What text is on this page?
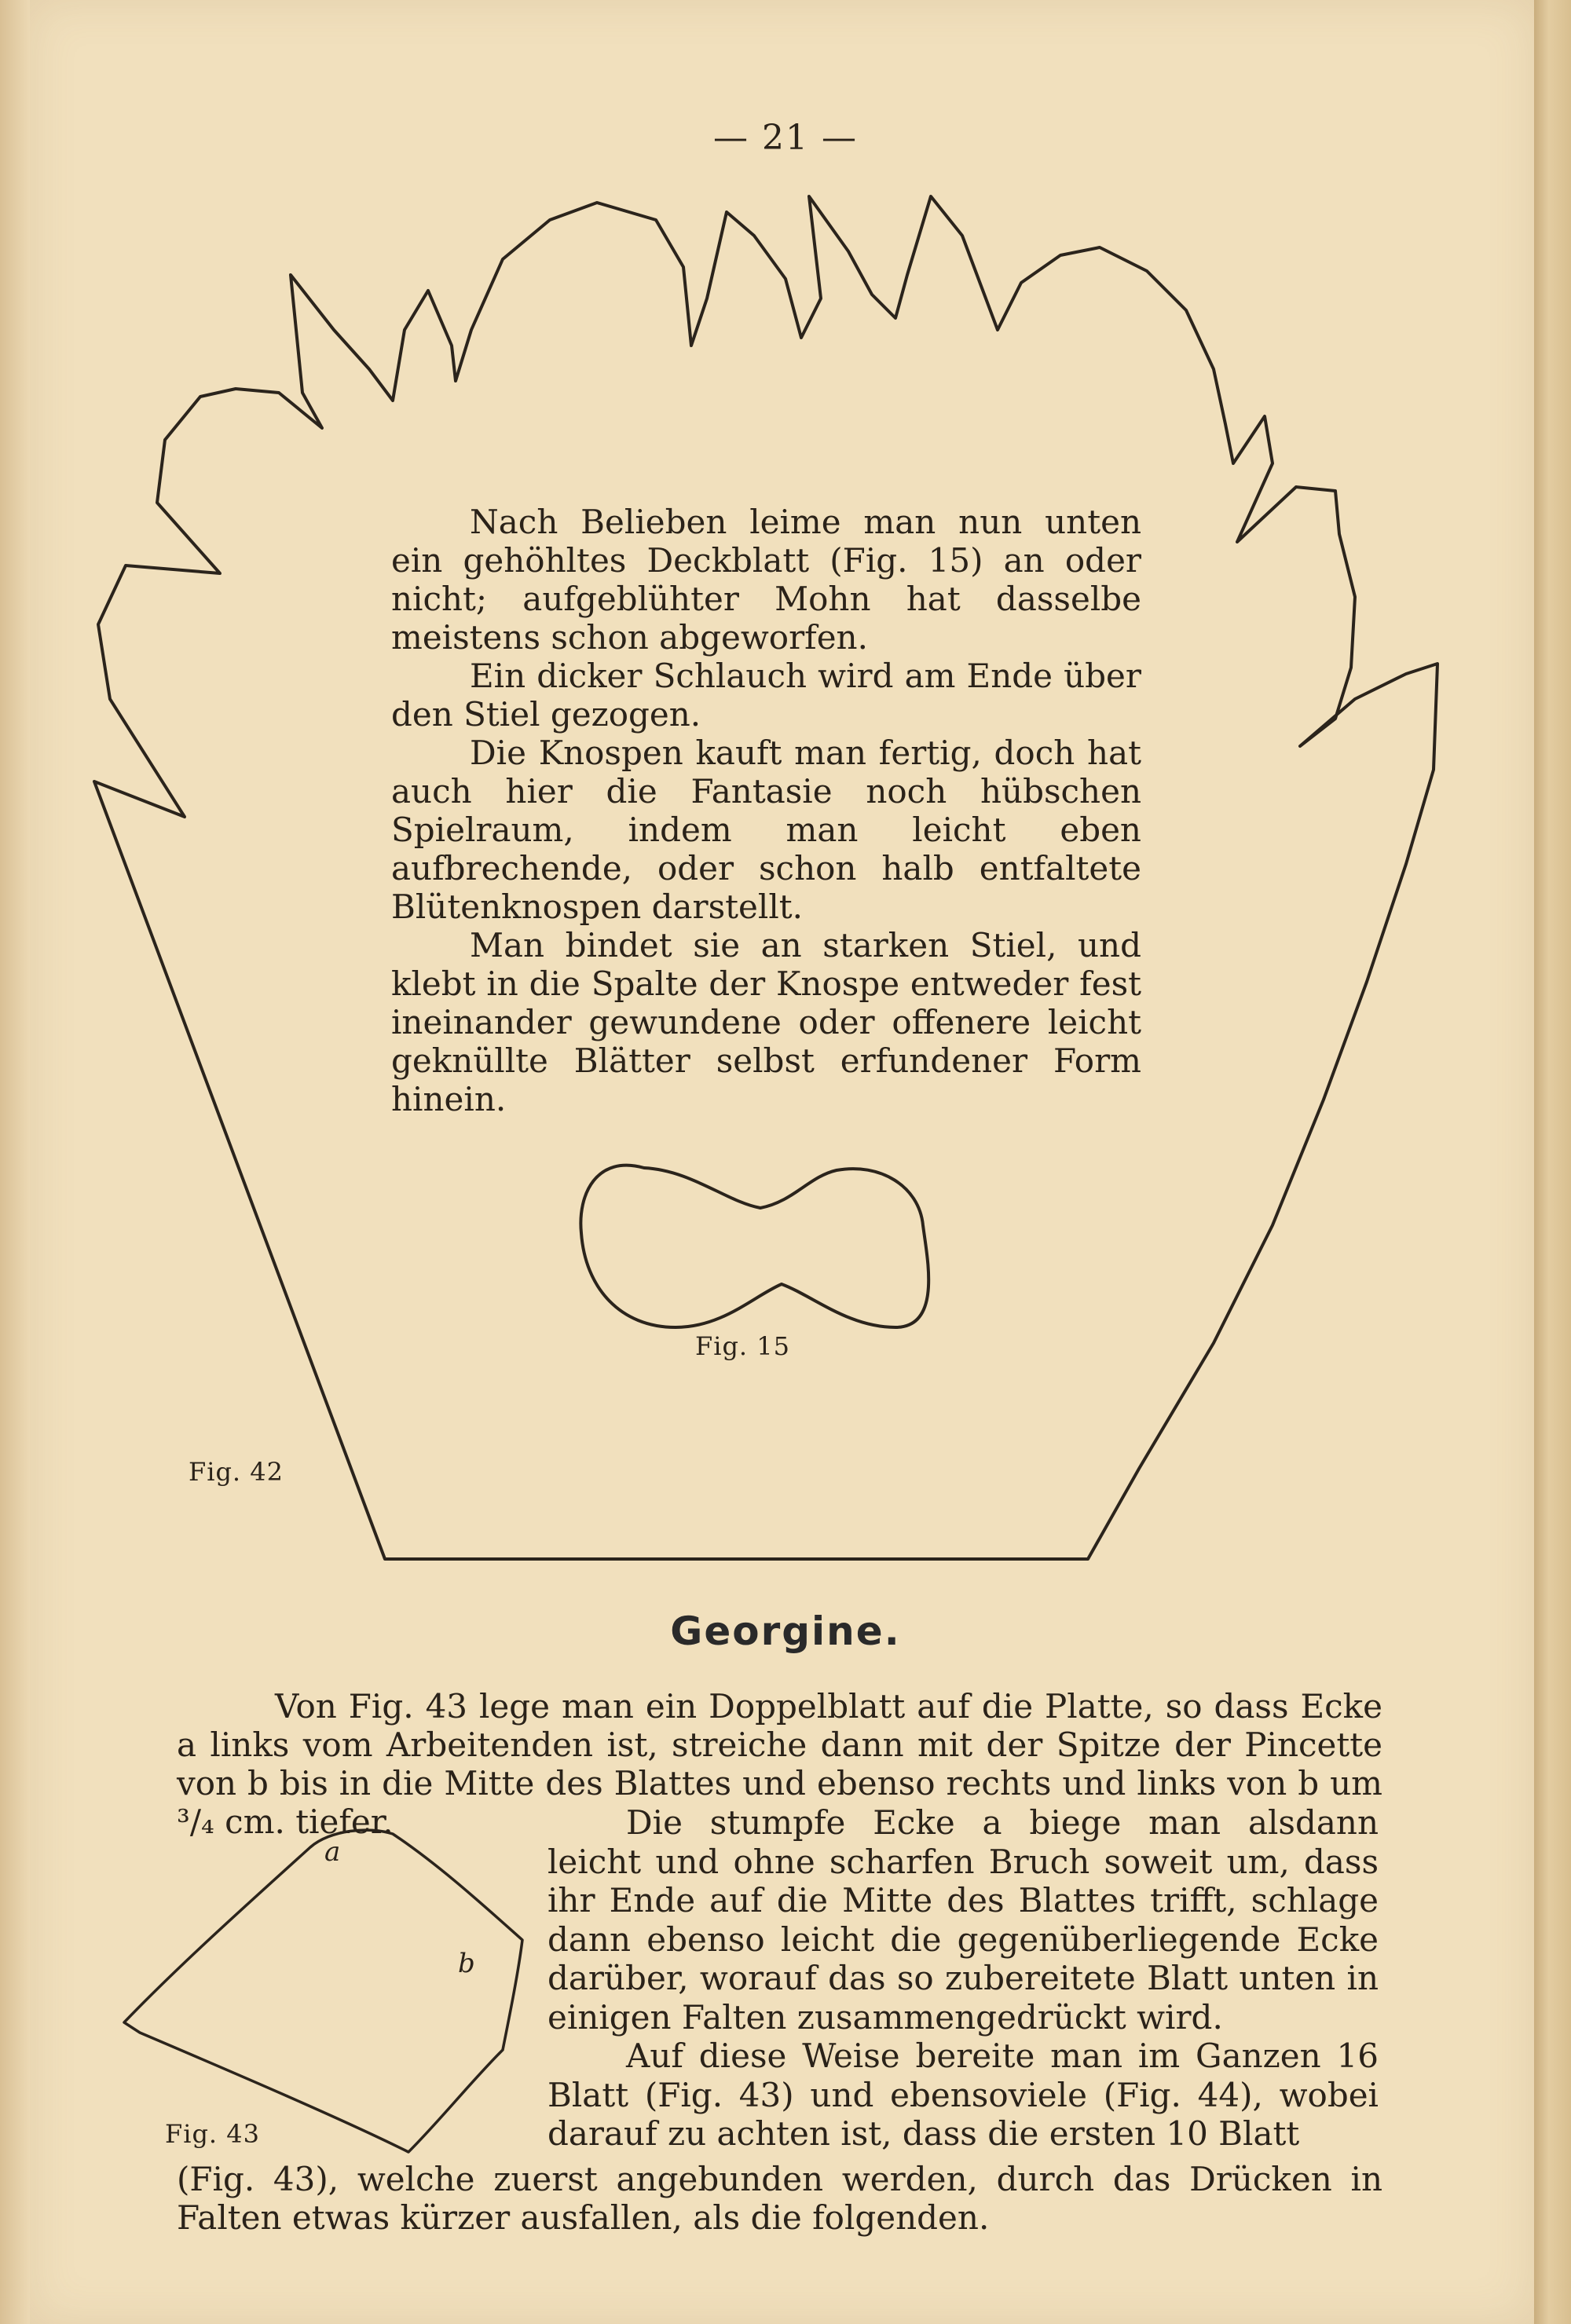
— 21 —

Nach Belieben leime man nun unten ein gehöhltes Deckblatt (Fig. 15) an oder nicht; aufgeblühter Mohn hat dasselbe meistens schon abgeworfen.

Ein dicker Schlauch wird am Ende über den Stiel gezogen.

Die Knospen kauft man fertig, doch hat auch hier die Fantasie noch hübschen Spielraum, indem man leicht eben aufbrechende, oder schon halb entfaltete Blütenknospen darstellt.

Man bindet sie an starken Stiel, und klebt in die Spalte der Knospe entweder fest ineinander gewundene oder offenere leicht geknüllte Blätter selbst erfundener Form hinein.

Fig. 15
Fig. 42
Georgine.

Von Fig. 43 lege man ein Doppelblatt auf die Platte, so dass Ecke a links vom Arbeitenden ist, streiche dann mit der Spitze der Pincette von b bis in die Mitte des Blattes und ebenso rechts und links von b um ³/₄ cm. tiefer.

a
b
Fig. 43

Die stumpfe Ecke a biege man alsdann leicht und ohne scharfen Bruch soweit um, dass ihr Ende auf die Mitte des Blattes trifft, schlage dann ebenso leicht die gegenüberliegende Ecke darüber, worauf das so zubereitete Blatt unten in einigen Falten zusammengedrückt wird.

Auf diese Weise bereite man im Ganzen 16 Blatt (Fig. 43) und ebensoviele (Fig. 44), wobei darauf zu achten ist, dass die ersten 10 Blatt

(Fig. 43), welche zuerst angebunden werden, durch das Drücken in Falten etwas kürzer ausfallen, als die folgenden.
